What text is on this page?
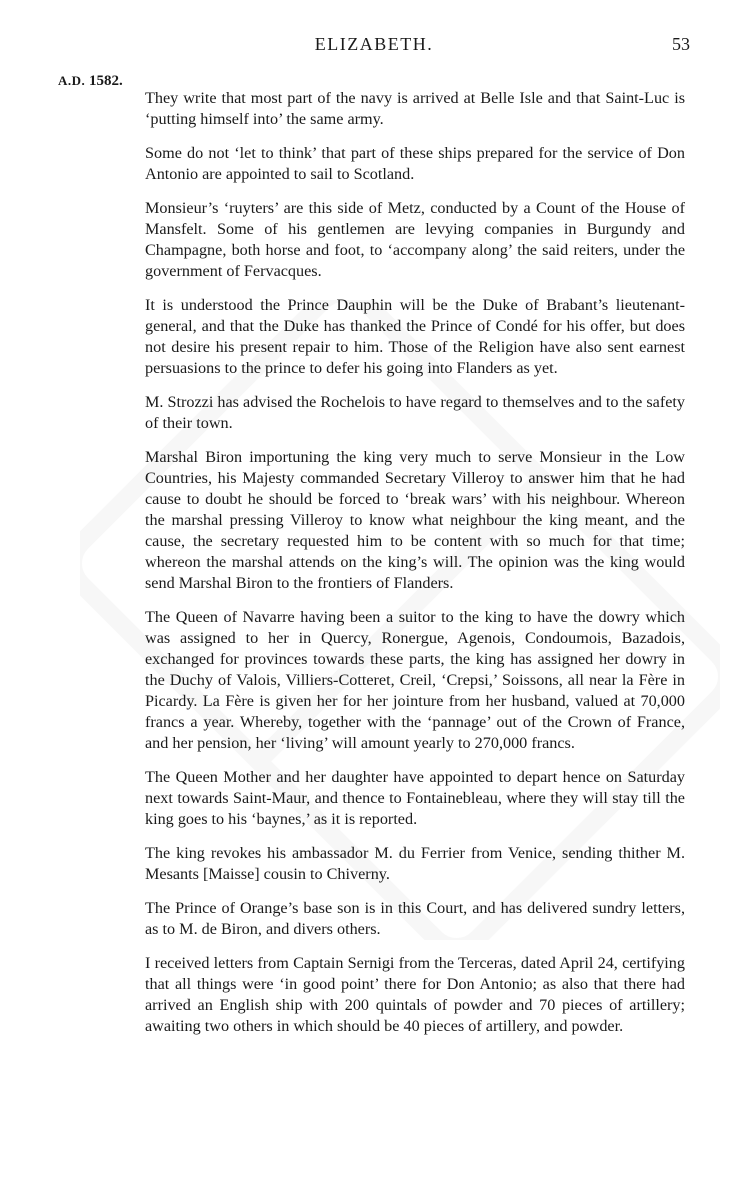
ELIZABETH.	53
A.D. 1582.

They write that most part of the navy is arrived at Belle Isle and that Saint-Luc is ‘putting himself into’ the same army.

Some do not ‘let to think’ that part of these ships prepared for the service of Don Antonio are appointed to sail to Scotland.

Monsieur’s ‘ruyters’ are this side of Metz, conducted by a Count of the House of Mansfelt. Some of his gentlemen are levying companies in Burgundy and Champagne, both horse and foot, to ‘accompany along’ the said reiters, under the government of Fervacques.

It is understood the Prince Dauphin will be the Duke of Brabant’s lieutenant-general, and that the Duke has thanked the Prince of Condé for his offer, but does not desire his present repair to him. Those of the Religion have also sent earnest persuasions to the prince to defer his going into Flanders as yet.

M. Strozzi has advised the Rochelois to have regard to themselves and to the safety of their town.

Marshal Biron importuning the king very much to serve Monsieur in the Low Countries, his Majesty commanded Secretary Villeroy to answer him that he had cause to doubt he should be forced to ‘break wars’ with his neighbour. Whereon the marshal pressing Villeroy to know what neighbour the king meant, and the cause, the secretary requested him to be content with so much for that time; whereon the marshal attends on the king’s will. The opinion was the king would send Marshal Biron to the frontiers of Flanders.

The Queen of Navarre having been a suitor to the king to have the dowry which was assigned to her in Quercy, Ronergue, Agenois, Condoumois, Bazadois, exchanged for provinces towards these parts, the king has assigned her dowry in the Duchy of Valois, Villiers-Cotteret, Creil, ‘Crepsi,’ Soissons, all near la Fère in Picardy. La Fère is given her for her jointure from her husband, valued at 70,000 francs a year. Whereby, together with the ‘pannage’ out of the Crown of France, and her pension, her ‘living’ will amount yearly to 270,000 francs.

The Queen Mother and her daughter have appointed to depart hence on Saturday next towards Saint-Maur, and thence to Fontainebleau, where they will stay till the king goes to his ‘baynes,’ as it is reported.

The king revokes his ambassador M. du Ferrier from Venice, sending thither M. Mesants [Maisse] cousin to Chiverny.

The Prince of Orange’s base son is in this Court, and has delivered sundry letters, as to M. de Biron, and divers others.

I received letters from Captain Sernigi from the Terceras, dated April 24, certifying that all things were ‘in good point’ there for Don Antonio; as also that there had arrived an English ship with 200 quintals of powder and 70 pieces of artillery; awaiting two others in which should be 40 pieces of artillery, and powder.
